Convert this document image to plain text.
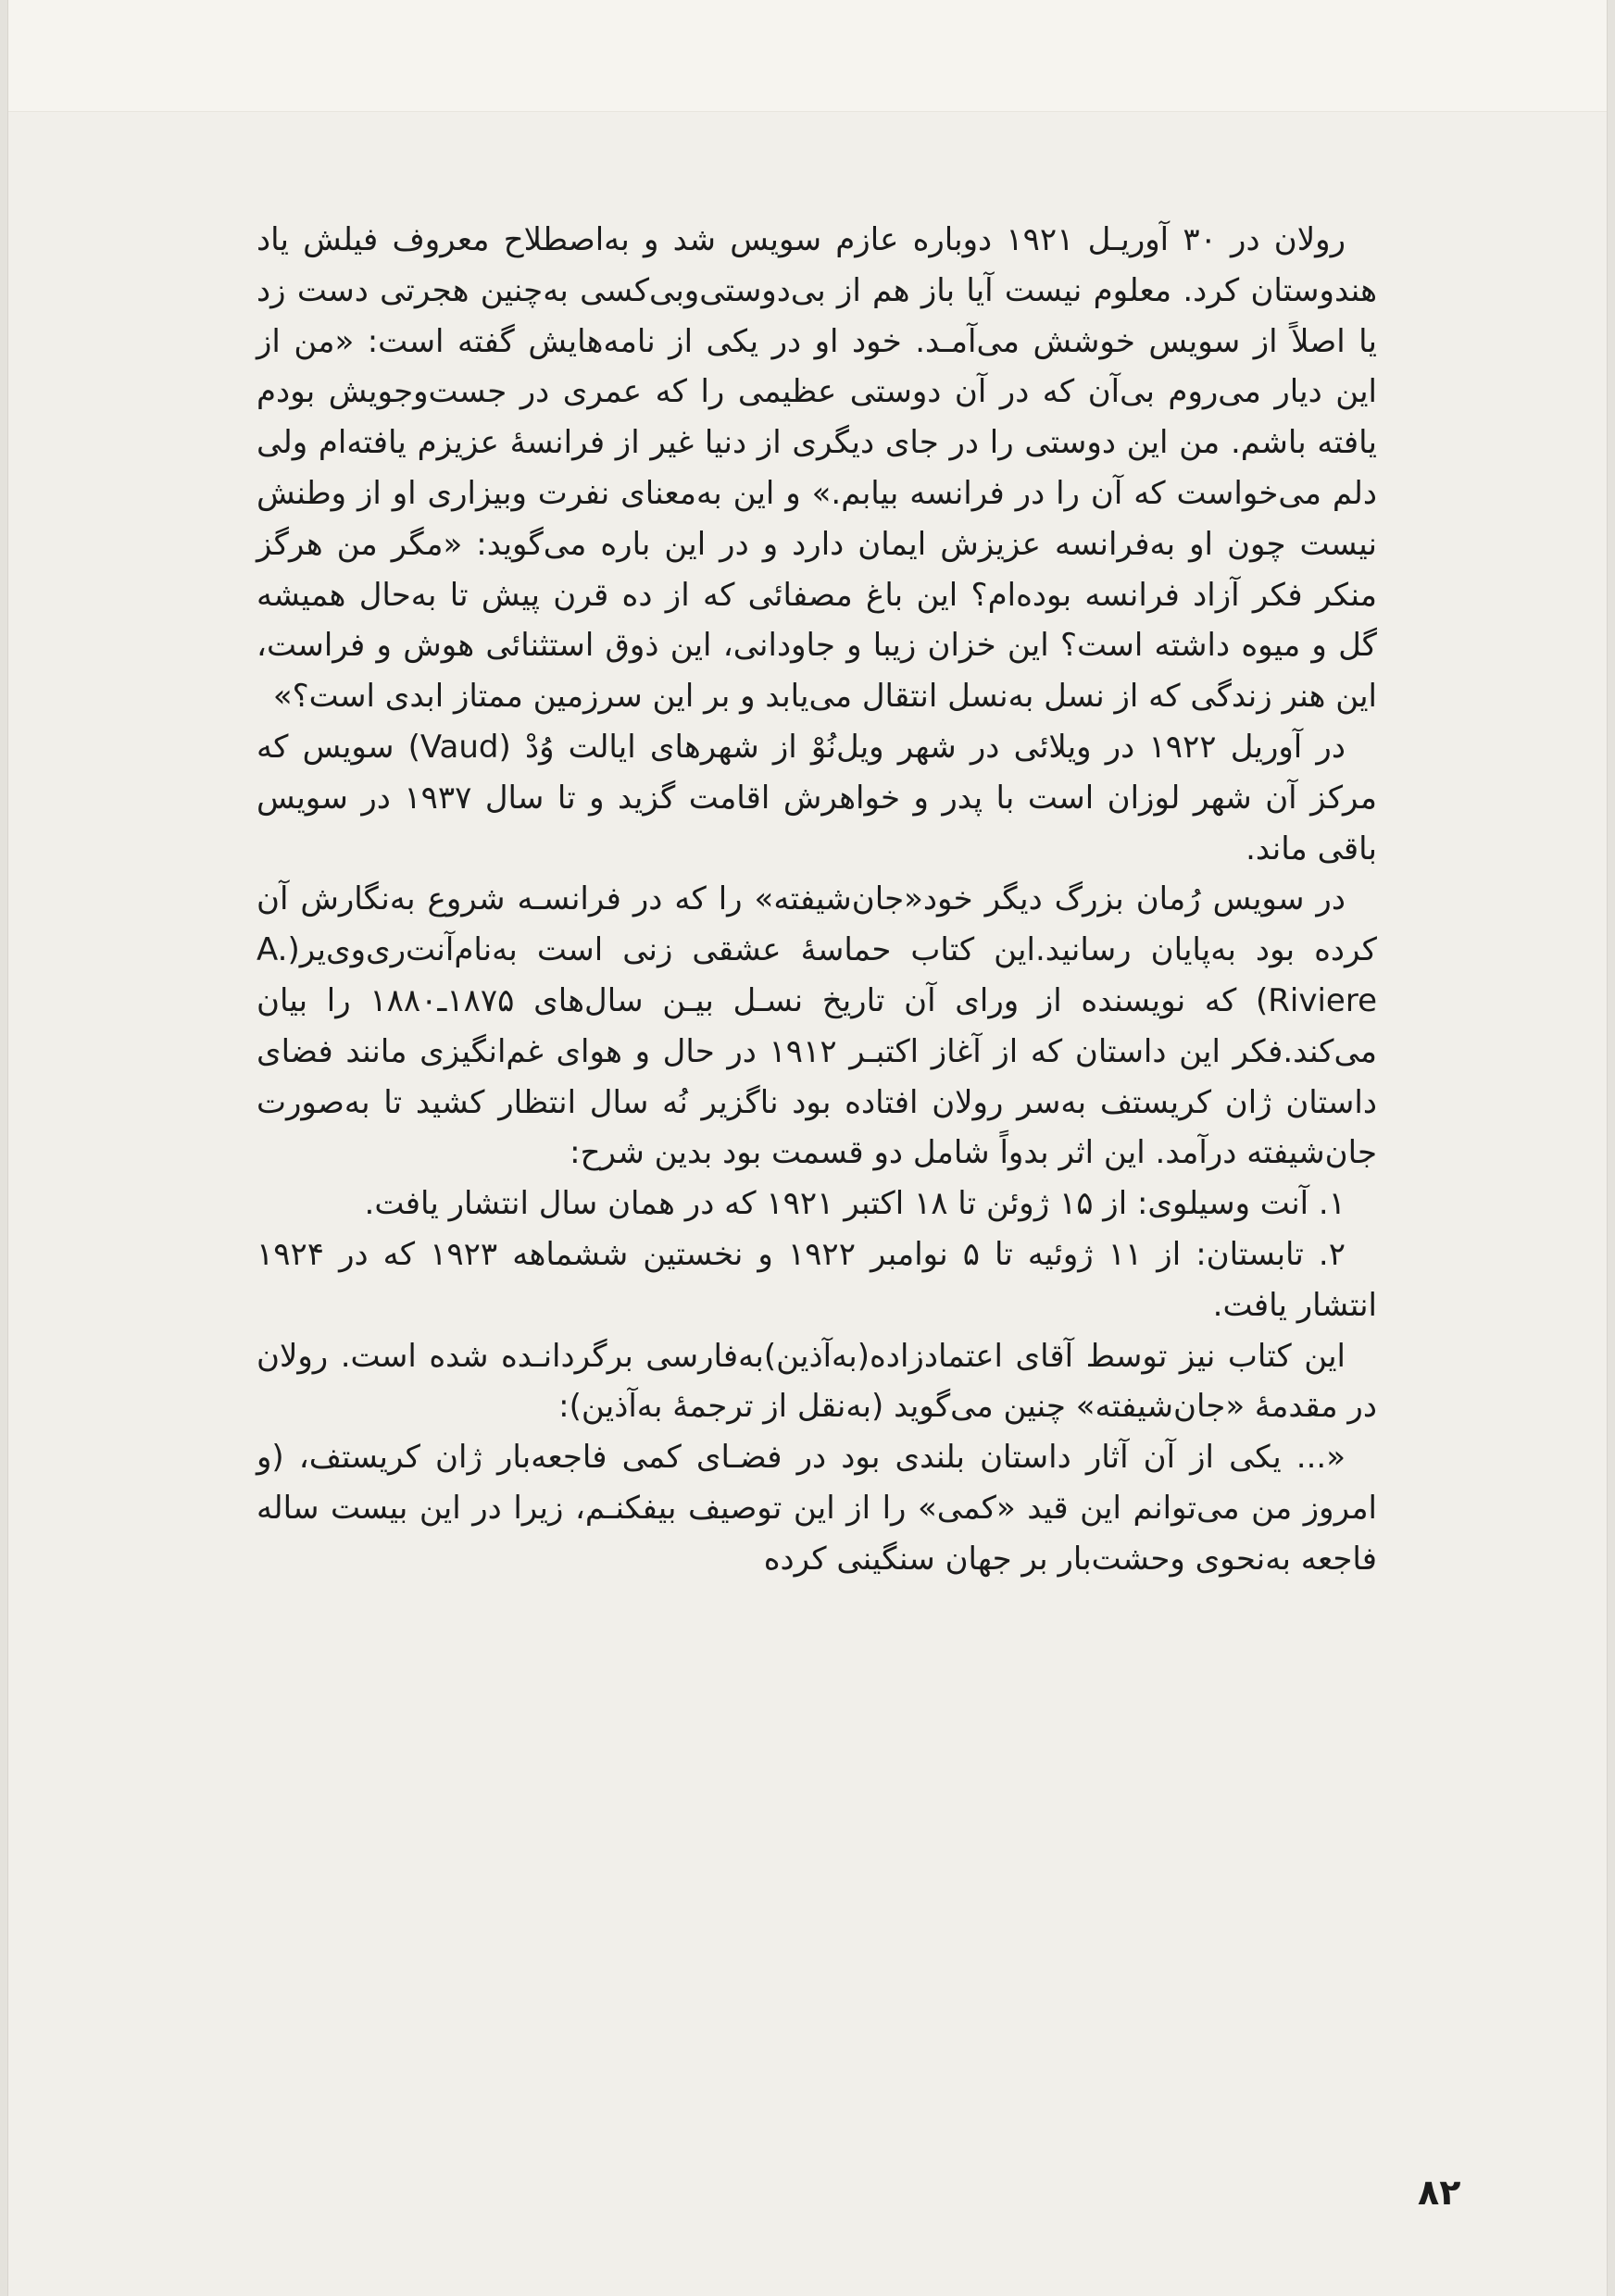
رولان در ۳۰ آوریـل ۱۹۲۱ دوباره عازم سویس شد و به‌اصطلاح معروف فیلش یاد هندوستان کرد. معلوم نیست آیا باز هم از بی‌دوستی‌وبی‌کسی به‌چنین هجرتی دست زد یا اصلاً از سویس خوشش می‌آمـد. خود او در یکی از نامه‌هایش گفته است: «من از این دیار می‌روم بی‌آن که در آن دوستی عظیمی را که عمری در جست‌وجویش بودم یافته باشم. من این دوستی را در جای دیگری از دنیا غیر از فرانسهٔ عزیزم یافته‌ام ولی دلم می‌خواست که آن را در فرانسه بیابم.» و این به‌معنای نفرت وبیزاری او از وطنش نیست چون او به‌فرانسه عزیزش ایمان دارد و در این باره می‌گوید: «مگر من هرگز منکر فکر آزاد فرانسه بوده‌ام؟ این باغ مصفائی که از ده قرن پیش تا به‌حال همیشه گل و میوه داشته است؟ این خزان زیبا و جاودانی، این ذوق استثنائی هوش و فراست، این هنر زندگی که از نسل به‌نسل انتقال می‌یابد و بر این سرزمین ممتاز ابدی است؟»

در آوریل ۱۹۲۲ در ویلائی در شهر ویل‌نُوْ از شهرهای ایالت وُدْ (Vaud) سویس که مرکز آن شهر لوزان است با پدر و خواهرش اقامت گزید و تا سال ۱۹۳۷ در سویس باقی ماند.

در سویس رُمان بزرگ دیگر خود«جان‌شیفته» را که در فرانسـه شروع به‌نگارش آن کرده بود به‌پایان رسانید.این کتاب حماسهٔ عشقی زنی است به‌نام‌آنت‌ری‌وی‌یر(A. Riviere) که نویسنده از ورای آن تاریخ نسـل بیـن سال‌های ۱۸۷۵ـ۱۸۸۰ را بیان می‌کند.فکر این داستان که از آغاز اکتبـر ۱۹۱۲ در حال و هوای غم‌انگیزی مانند فضای داستان ژان کریستف به‌سر رولان افتاده بود ناگزیر نُه سال انتظار کشید تا به‌صورت جان‌شیفته درآمد. این اثر بدواً شامل دو قسمت بود بدین شرح:

۱. آنت وسیلوی: از ۱۵ ژوئن تا ۱۸ اکتبر ۱۹۲۱ که در همان سال انتشار یافت.

۲. تابستان: از ۱۱ ژوئیه تا ۵ نوامبر ۱۹۲۲ و نخستین ششماهه ۱۹۲۳ که در ۱۹۲۴ انتشار یافت.

این کتاب نیز توسط آقای اعتمادزاده(به‌آذین)به‌فارسی برگردانـده شده است. رولان در مقدمهٔ «جان‌شیفته» چنین می‌گوید (به‌نقل از ترجمهٔ به‌آذین):

«... یکی از آن آثار داستان بلندی بود در فضـای کمی فاجعه‌بار ژان کریستف، (و امروز من می‌توانم این قید «کمی» را از این توصیف بیفکنـم، زیرا در این بیست ساله فاجعه به‌نحوی وحشت‌بار بر جهان سنگینی کرده

۸۲
